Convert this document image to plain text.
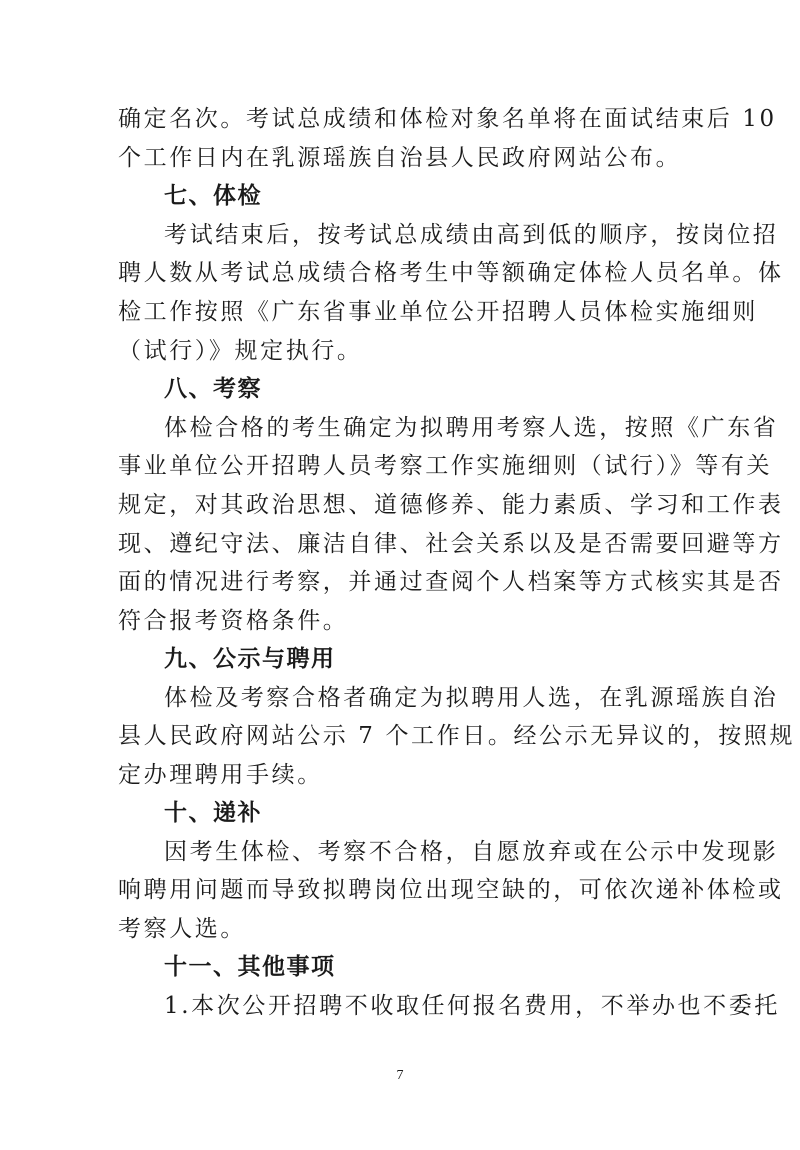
确定名次。考试总成绩和体检对象名单将在面试结束后 10
个工作日内在乳源瑶族自治县人民政府网站公布。
七、体检
考试结束后，按考试总成绩由高到低的顺序，按岗位招
聘人数从考试总成绩合格考生中等额确定体检人员名单。体
检工作按照《广东省事业单位公开招聘人员体检实施细则
（试行）》规定执行。
八、考察
体检合格的考生确定为拟聘用考察人选，按照《广东省
事业单位公开招聘人员考察工作实施细则（试行）》等有关
规定，对其政治思想、道德修养、能力素质、学习和工作表
现、遵纪守法、廉洁自律、社会关系以及是否需要回避等方
面的情况进行考察，并通过查阅个人档案等方式核实其是否
符合报考资格条件。
九、公示与聘用
体检及考察合格者确定为拟聘用人选，在乳源瑶族自治
县人民政府网站公示 7 个工作日。经公示无异议的，按照规
定办理聘用手续。
十、递补
因考生体检、考察不合格，自愿放弃或在公示中发现影
响聘用问题而导致拟聘岗位出现空缺的，可依次递补体检或
考察人选。
十一、其他事项
1.本次公开招聘不收取任何报名费用，不举办也不委托
7
